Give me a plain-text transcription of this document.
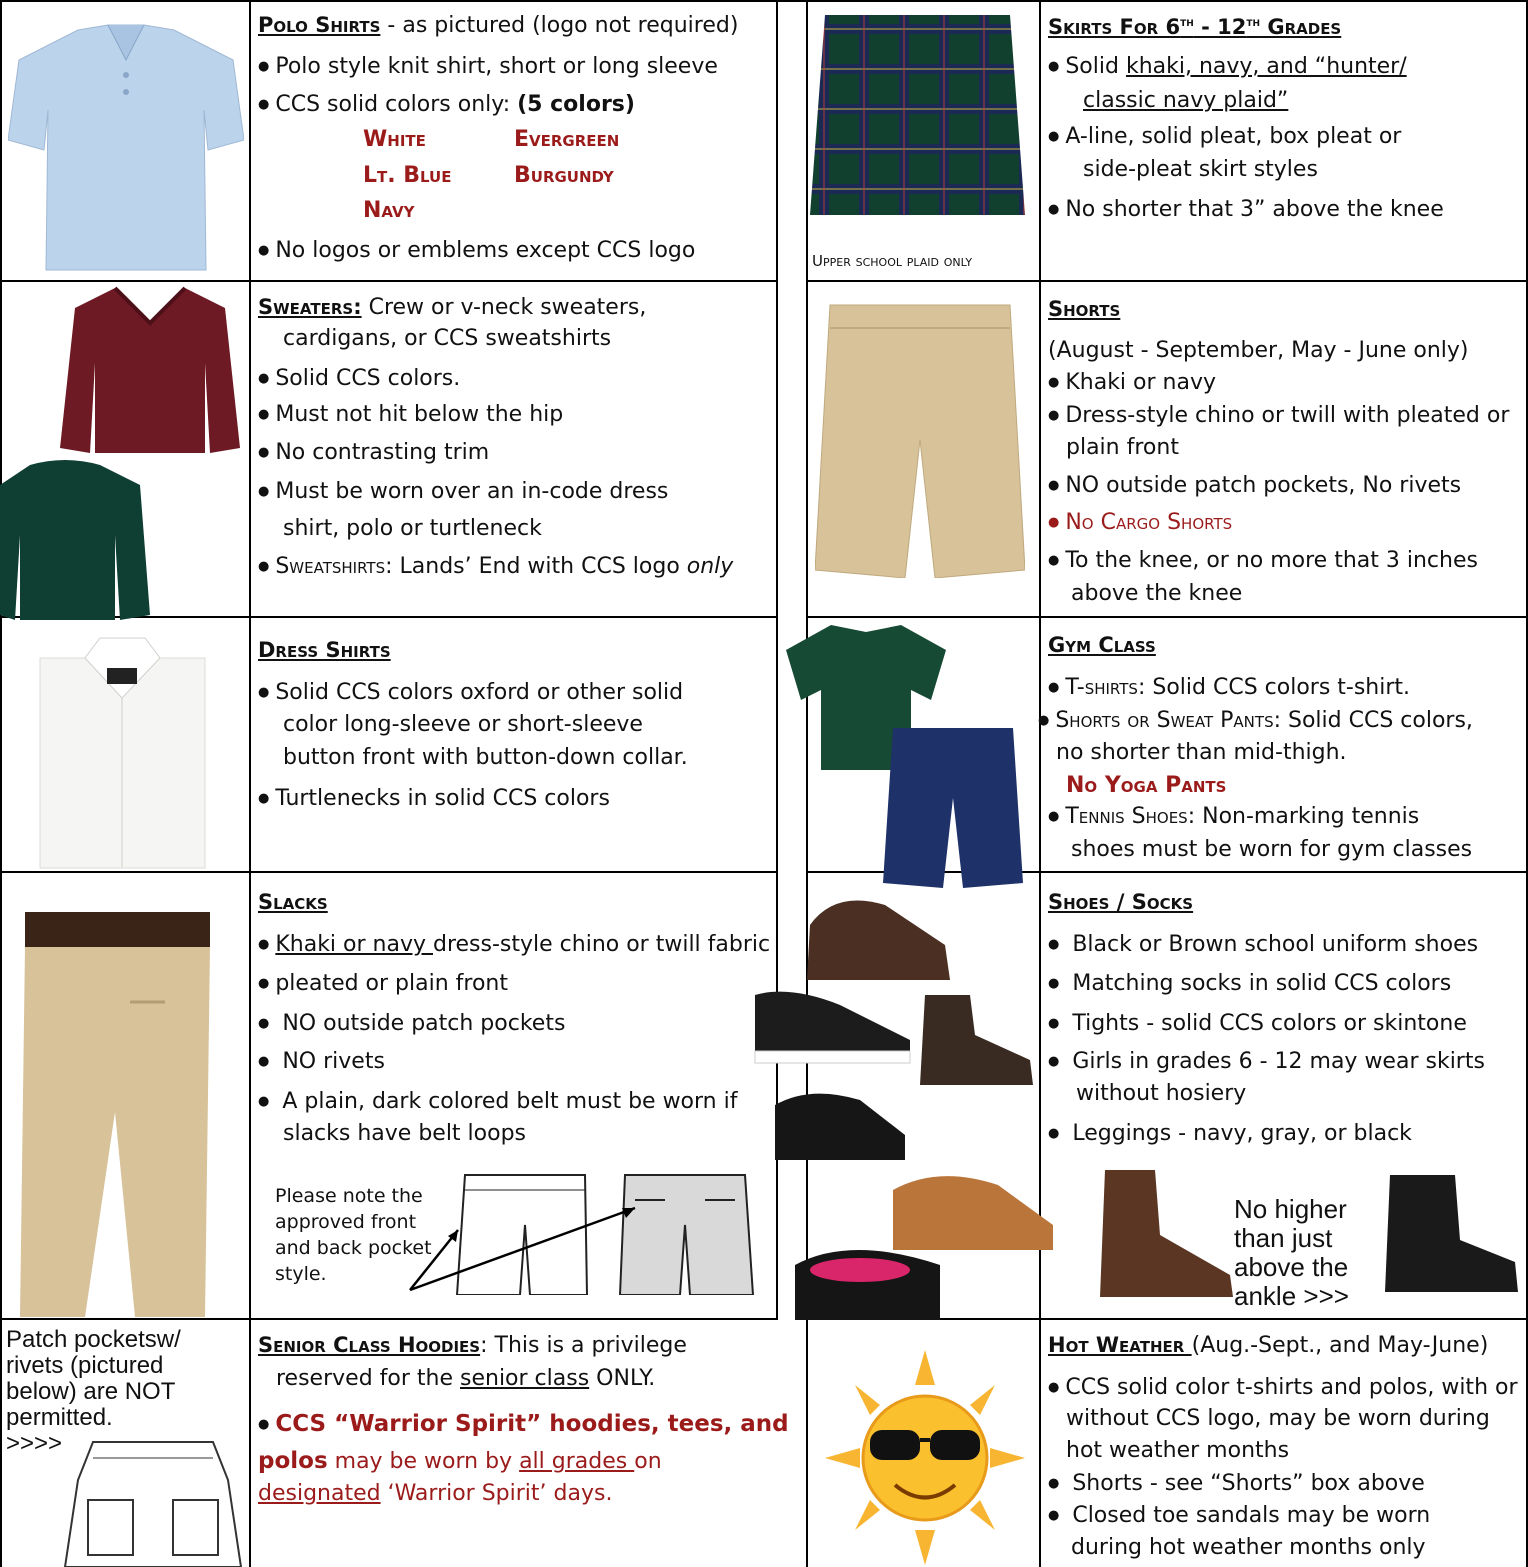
Polo Shirts - as pictured (logo not required)
● Polo style knit shirt, short or long sleeve
● CCS solid colors only: (5 colors)
White	Evergreen
Lt. Blue	Burgundy
Navy
● No logos or emblems except CCS logo
Sweaters: Crew or v-neck sweaters,
cardigans, or CCS sweatshirts
● Solid CCS colors.
● Must not hit below the hip
● No contrasting trim
● Must be worn over an in-code dress
shirt, polo or turtleneck
● Sweatshirts: Lands’ End with CCS logo only
Dress Shirts
● Solid CCS colors oxford or other solid
color long-sleeve or short-sleeve
button front with button-down collar.
● Turtlenecks in solid CCS colors
Slacks
● Khaki or navy dress-style chino or twill fabric
● pleated or plain front
● NO outside patch pockets
● NO rivets
● A plain, dark colored belt must be worn if
slacks have belt loops
Please note the
approved front
and back pocket
style.
Patch pocketsw/
rivets (pictured
below) are NOT
permitted.
>>>>
Senior Class Hoodies: This is a privilege
reserved for the senior class ONLY.
● CCS “Warrior Spirit” hoodies, tees, and
polos may be worn by all grades on
designated ‘Warrior Spirit’ days.
Skirts For 6th - 12th Grades
● Solid khaki, navy, and “hunter/
classic navy plaid”
● A-line, solid pleat, box pleat or
side-pleat skirt styles
● No shorter that 3” above the knee
Upper school plaid only
Shorts
(August - September, May - June only)
● Khaki or navy
● Dress-style chino or twill with pleated or
plain front
● NO outside patch pockets, No rivets
● No Cargo Shorts
● To the knee, or no more that 3 inches
above the knee
Gym Class
● T-shirts: Solid CCS colors t-shirt.
● Shorts or Sweat Pants: Solid CCS colors,
no shorter than mid-thigh.
No Yoga Pants
● Tennis Shoes: Non-marking tennis
shoes must be worn for gym classes
Shoes / Socks
● Black or Brown school uniform shoes
● Matching socks in solid CCS colors
● Tights - solid CCS colors or skintone
● Girls in grades 6 - 12 may wear skirts
without hosiery
● Leggings - navy, gray, or black
No higher
than just
above the
ankle >>>
Hot Weather (Aug.-Sept., and May-June)
● CCS solid color t-shirts and polos, with or
without CCS logo, may be worn during
hot weather months
● Shorts - see “Shorts” box above
● Closed toe sandals may be worn
during hot weather months only
